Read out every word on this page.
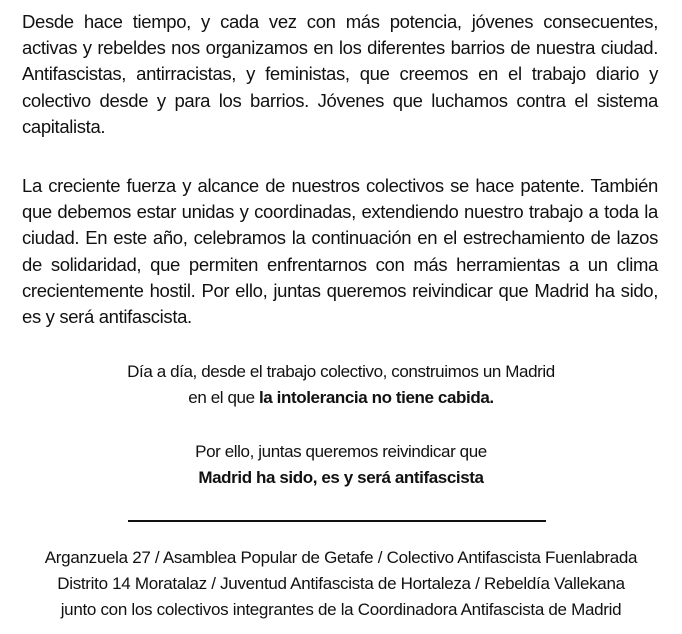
Desde hace tiempo, y cada vez con más potencia, jóvenes consecuentes, activas y rebeldes nos organizamos en los diferentes barrios de nuestra ciudad. Antifascistas, antirracistas, y feministas, que creemos en el trabajo diario y colectivo desde y para los barrios. Jóvenes que luchamos contra el sistema capitalista.

La creciente fuerza y alcance de nuestros colectivos se hace patente. También que debemos estar unidas y coordinadas, extendiendo nuestro trabajo a toda la ciudad. En este año, celebramos la continuación en el estrechamiento de lazos de solidaridad, que permiten enfrentarnos con más herramientas a un clima crecientemente hostil. Por ello, juntas queremos reivindicar que Madrid ha sido, es y será antifascista.

Día a día, desde el trabajo colectivo, construimos un Madrid
en el que la intolerancia no tiene cabida.
Por ello, juntas queremos reivindicar que
Madrid ha sido, es y será antifascista
Arganzuela 27 / Asamblea Popular de Getafe / Colectivo Antifascista Fuenlabrada
Distrito 14 Moratalaz / Juventud Antifascista de Hortaleza / Rebeldía Vallekana
junto con los colectivos integrantes de la Coordinadora Antifascista de Madrid
